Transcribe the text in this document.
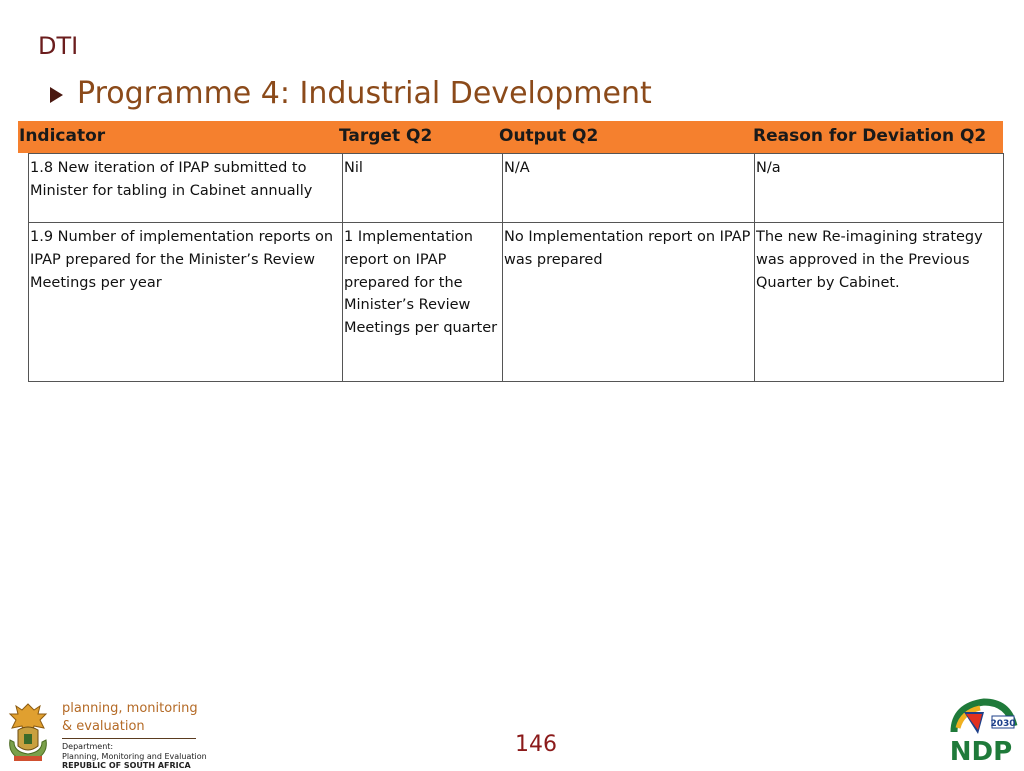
DTI
Programme 4: Industrial Development
Indicator	Target Q2	Output Q2	Reason for Deviation Q2
1.8 New iteration of IPAP submitted to Minister for tabling in Cabinet annually	Nil	N/A	N/a
1.9 Number of implementation reports on IPAP prepared for the Minister’s Review Meetings per year	1 Implementation report on IPAP prepared for the Minister’s Review Meetings per quarter	No Implementation report on IPAP was prepared	The new Re-imagining strategy was approved in the Previous Quarter by Cabinet.
planning, monitoring
& evaluation
Department:
Planning, Monitoring and Evaluation
REPUBLIC OF SOUTH AFRICA
146
2030
NDP
